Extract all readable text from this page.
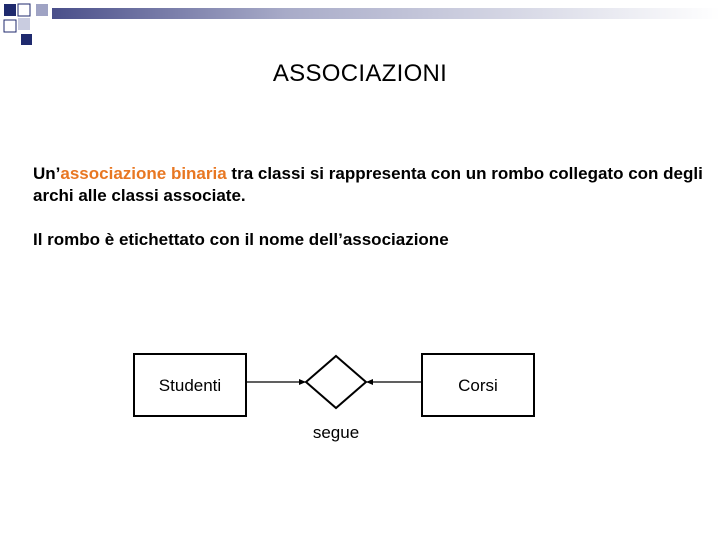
ASSOCIAZIONI
Un’associazione binaria tra classi si rappresenta con un rombo collegato con degli archi alle classi associate.
Il rombo è etichettato con il nome dell’associazione
Studenti	Corsi
segue
